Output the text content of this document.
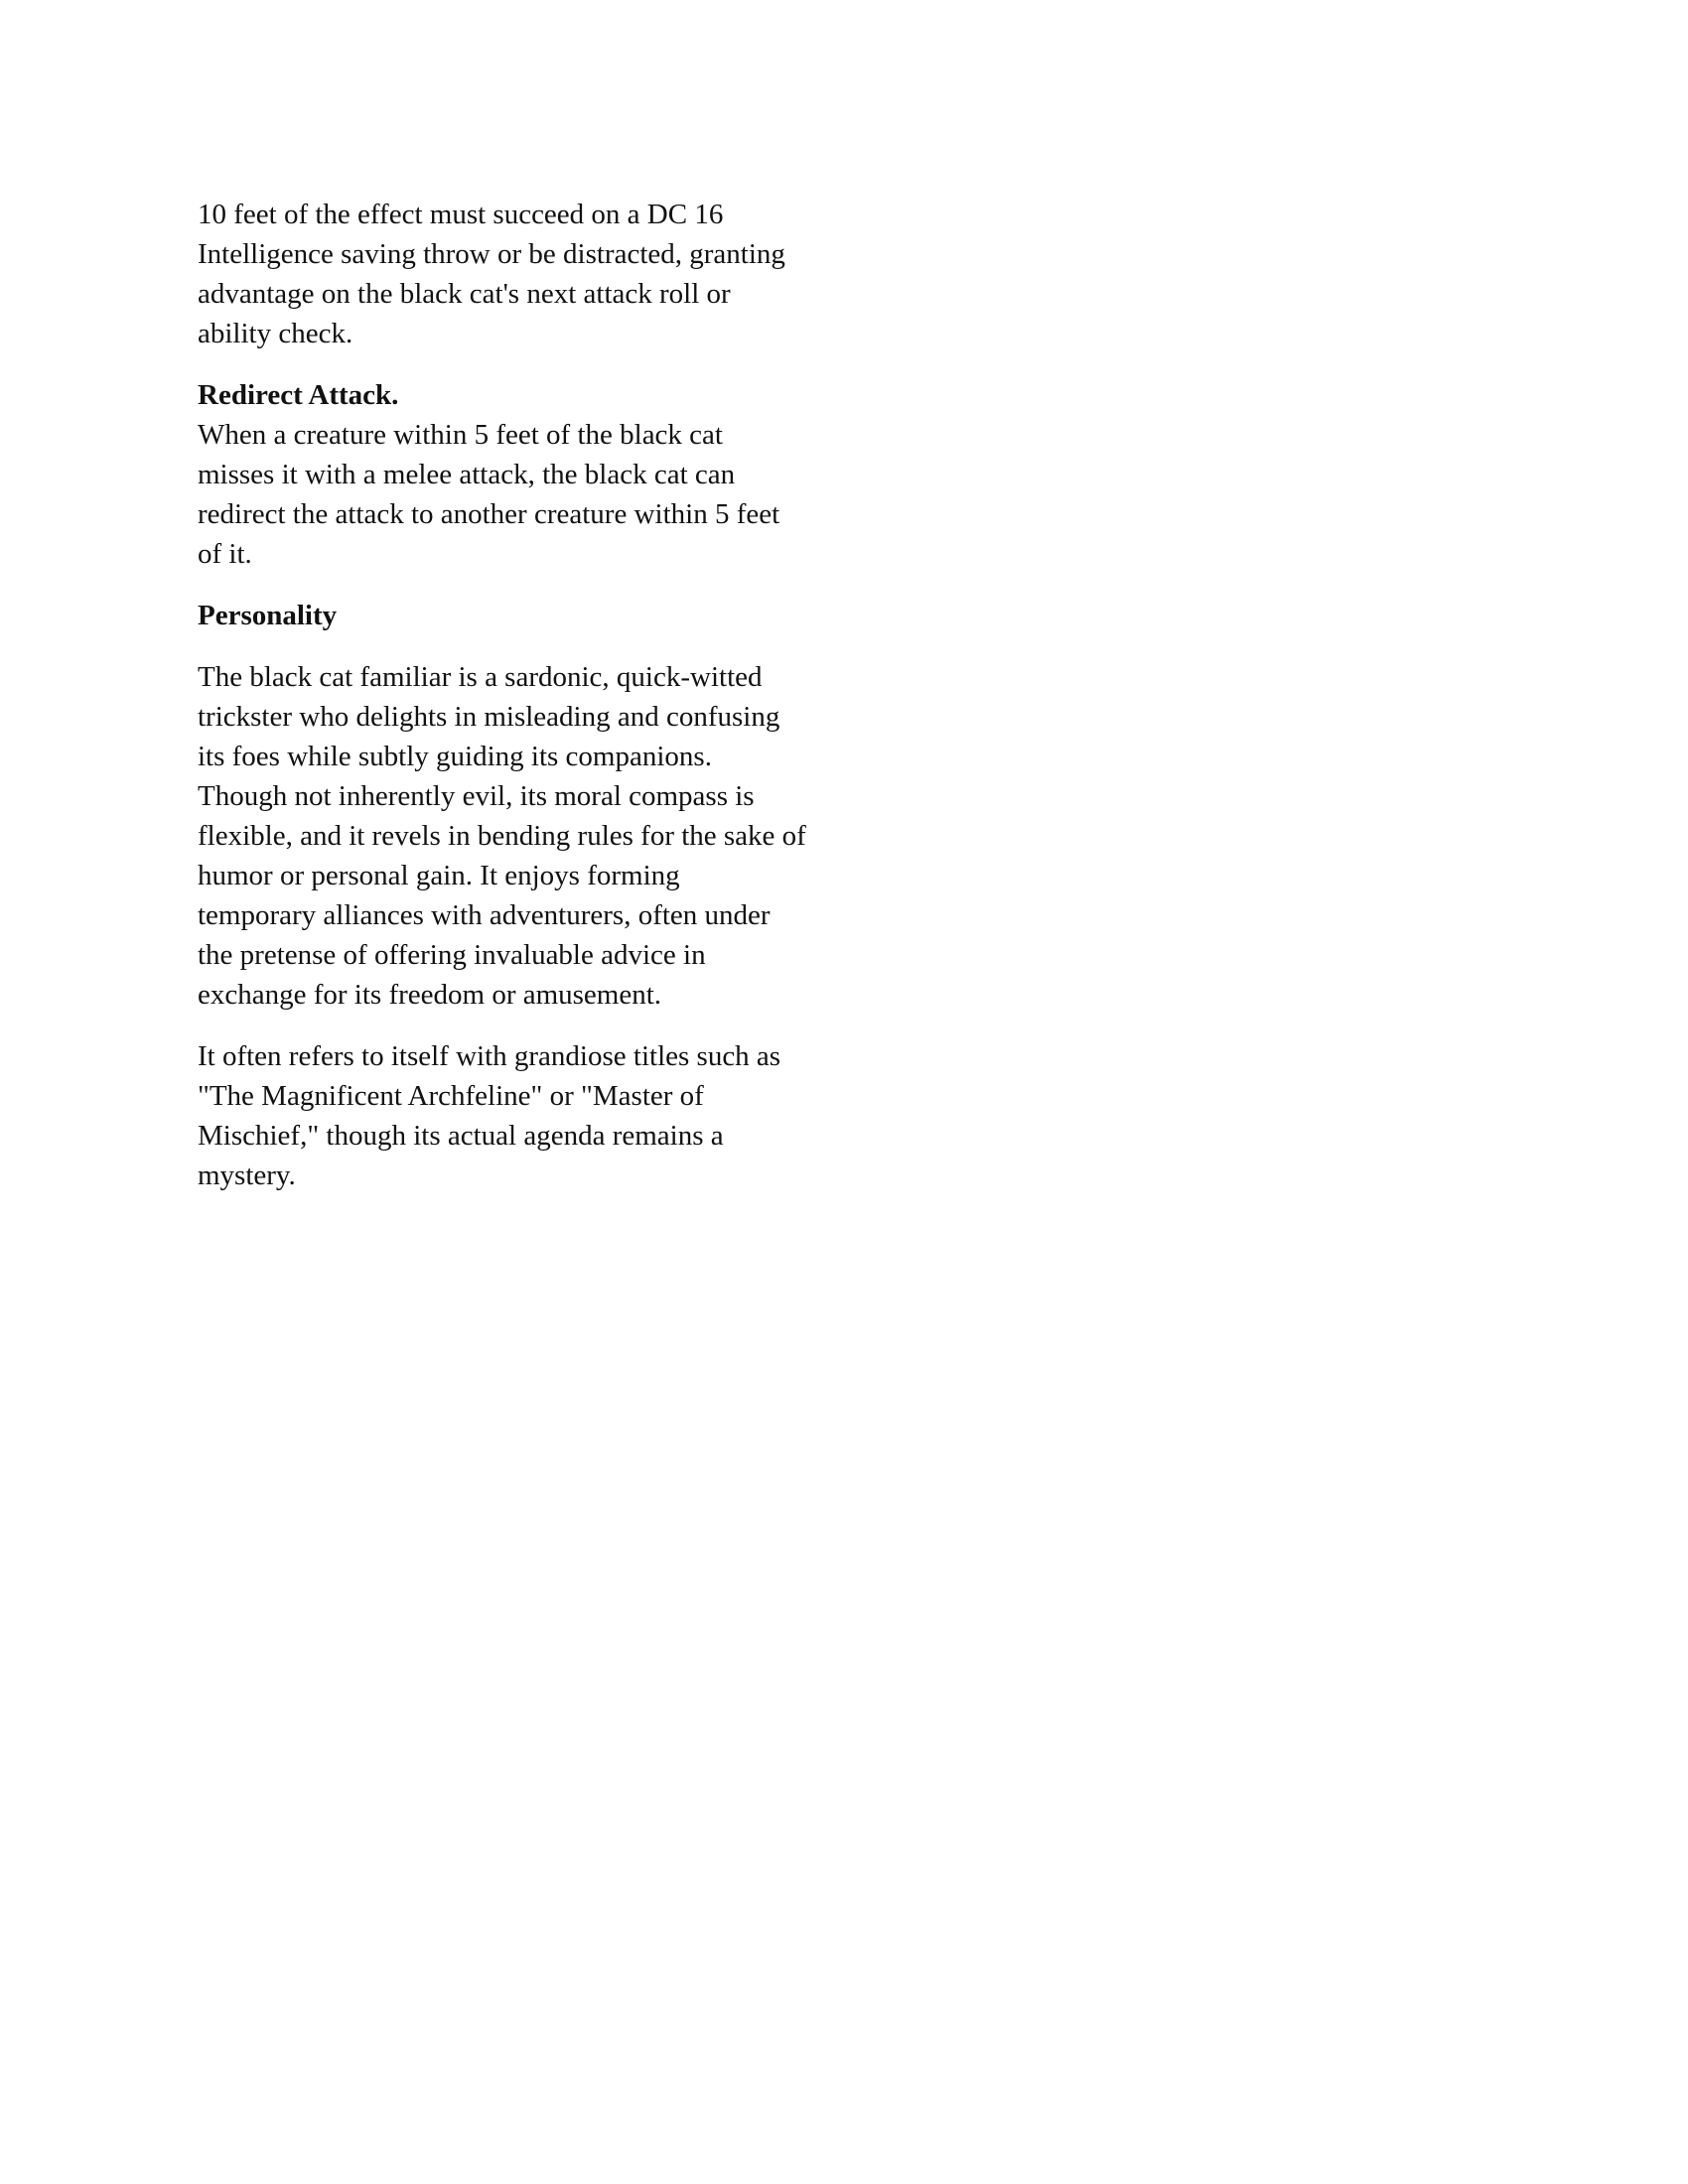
10 feet of the effect must succeed on a DC 16
Intelligence saving throw or be distracted, granting
advantage on the black cat's next attack roll or
ability check.
Redirect Attack.
When a creature within 5 feet of the black cat
misses it with a melee attack, the black cat can
redirect the attack to another creature within 5 feet
of it.
Personality
The black cat familiar is a sardonic, quick-witted
trickster who delights in misleading and confusing
its foes while subtly guiding its companions.
Though not inherently evil, its moral compass is
flexible, and it revels in bending rules for the sake of
humor or personal gain. It enjoys forming
temporary alliances with adventurers, often under
the pretense of offering invaluable advice in
exchange for its freedom or amusement.
It often refers to itself with grandiose titles such as
"The Magnificent Archfeline" or "Master of
Mischief," though its actual agenda remains a
mystery.
